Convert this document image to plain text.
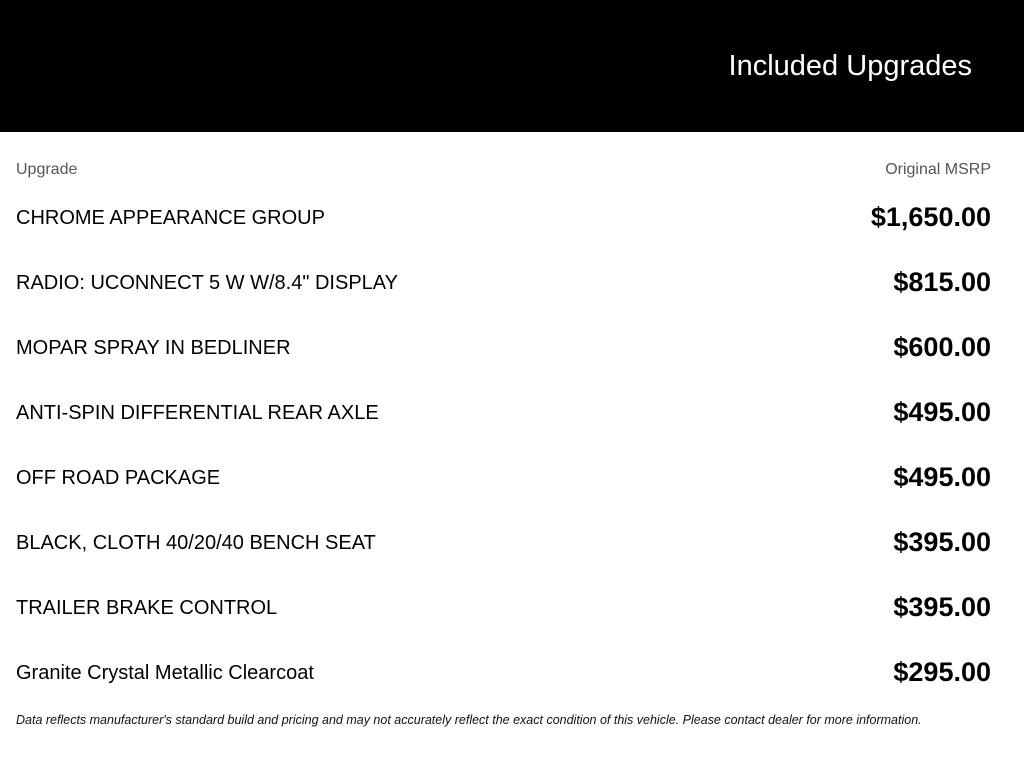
Included Upgrades
Upgrade	Original MSRP
CHROME APPEARANCE GROUP	$1,650.00
RADIO: UCONNECT 5 W W/8.4" DISPLAY	$815.00
MOPAR SPRAY IN BEDLINER	$600.00
ANTI-SPIN DIFFERENTIAL REAR AXLE	$495.00
OFF ROAD PACKAGE	$495.00
BLACK, CLOTH 40/20/40 BENCH SEAT	$395.00
TRAILER BRAKE CONTROL	$395.00
Granite Crystal Metallic Clearcoat	$295.00
Data reflects manufacturer's standard build and pricing and may not accurately reflect the exact condition of this vehicle. Please contact dealer for more information.
